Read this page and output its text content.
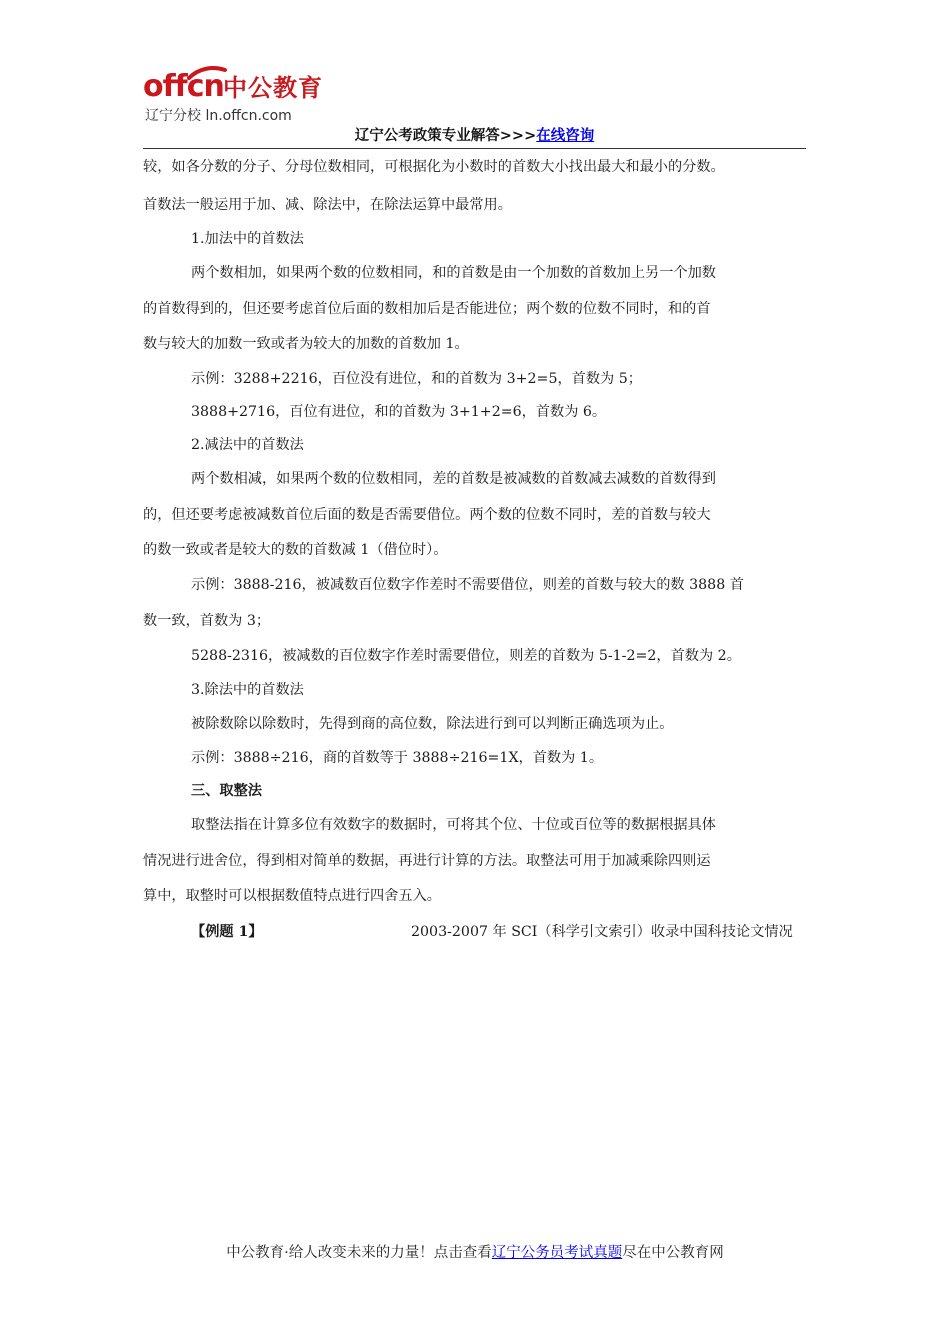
offcn 中公教育
辽宁分校 ln.offcn.com
辽宁公考政策专业解答>>>在线咨询
较，如各分数的分子、分母位数相同，可根据化为小数时的首数大小找出最大和最小的分数。
首数法一般运用于加、减、除法中，在除法运算中最常用。
1.加法中的首数法
两个数相加，如果两个数的位数相同，和的首数是由一个加数的首数加上另一个加数
的首数得到的，但还要考虑首位后面的数相加后是否能进位；两个数的位数不同时，和的首
数与较大的加数一致或者为较大的加数的首数加 1。
示例：3288+2216，百位没有进位，和的首数为 3+2=5，首数为 5；
3888+2716，百位有进位，和的首数为 3+1+2=6，首数为 6。
2.减法中的首数法
两个数相减，如果两个数的位数相同，差的首数是被减数的首数减去减数的首数得到
的，但还要考虑被减数首位后面的数是否需要借位。两个数的位数不同时，差的首数与较大
的数一致或者是较大的数的首数减 1（借位时）。
示例：3888-216，被减数百位数字作差时不需要借位，则差的首数与较大的数 3888 首
数一致，首数为 3；
5288-2316，被减数的百位数字作差时需要借位，则差的首数为 5-1-2=2，首数为 2。
3.除法中的首数法
被除数除以除数时，先得到商的高位数，除法进行到可以判断正确选项为止。
示例：3888÷216，商的首数等于 3888÷216=1X，首数为 1。
三、取整法
取整法指在计算多位有效数字的数据时，可将其个位、十位或百位等的数据根据具体
情况进行进舍位，得到相对简单的数据，再进行计算的方法。取整法可用于加减乘除四则运
算中，取整时可以根据数值特点进行四舍五入。
【例题 1】	2003-2007 年 SCI（科学引文索引）收录中国科技论文情况
中公教育·给人改变未来的力量！点击查看辽宁公务员考试真题尽在中公教育网
